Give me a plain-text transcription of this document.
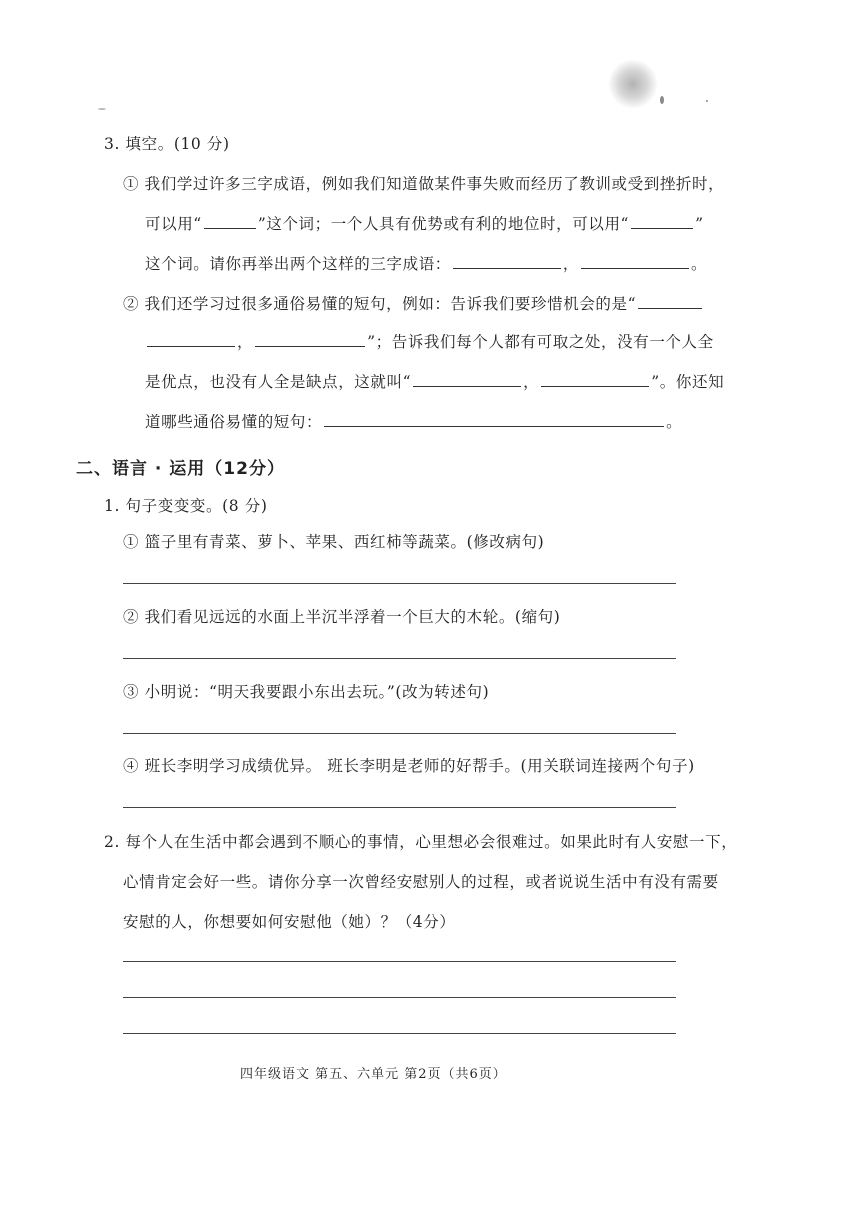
3. 填空。(10 分)
① 我们学过许多三字成语，例如我们知道做某件事失败而经历了教训或受到挫折时，
可以用“	”这个词；一个人具有优势或有利的地位时，可以用“	”
这个词。请你再举出两个这样的三字成语：	，	。
② 我们还学习过很多通俗易懂的短句，例如：告诉我们要珍惜机会的是“
，	”；告诉我们每个人都有可取之处，没有一个人全
是优点，也没有人全是缺点，这就叫“	，	”。你还知
道哪些通俗易懂的短句：	。
二、语言 · 运用（12分）
1. 句子变变变。(8 分)
① 篮子里有青菜、萝卜、苹果、西红柿等蔬菜。(修改病句)
② 我们看见远远的水面上半沉半浮着一个巨大的木轮。(缩句)
③ 小明说：“明天我要跟小东出去玩。”(改为转述句)
④ 班长李明学习成绩优异。 班长李明是老师的好帮手。(用关联词连接两个句子)
2. 每个人在生活中都会遇到不顺心的事情，心里想必会很难过。如果此时有人安慰一下，
心情肯定会好一些。请你分享一次曾经安慰别人的过程，或者说说生活中有没有需要
安慰的人，你想要如何安慰他（她）？（4分）
四年级语文 第五、六单元 第2页（共6页）
